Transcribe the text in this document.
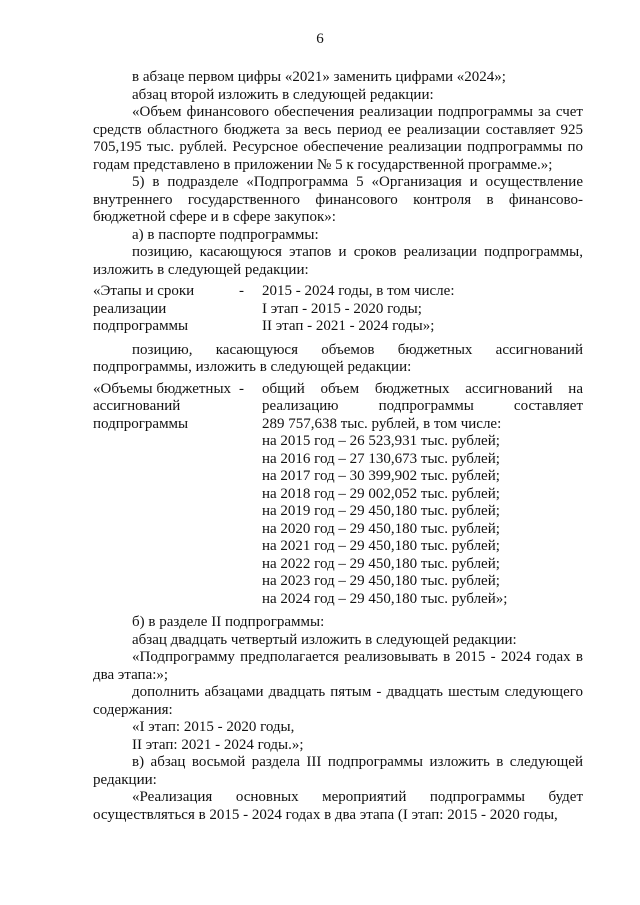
6

в абзаце первом цифры «2021» заменить цифрами «2024»;

абзац второй изложить в следующей редакции:

«Объем финансового обеспечения реализации подпрограммы за счет средств областного бюджета за весь период ее реализации составляет 925 705,195 тыс. рублей. Ресурсное обеспечение реализации подпрограммы по годам представлено в приложении № 5 к государственной программе.»;

5) в подразделе «Подпрограмма 5 «Организация и осуществление внутреннего государственного финансового контроля в финансово-бюджетной сфере и в сфере закупок»:

а) в паспорте подпрограммы:

позицию, касающуюся этапов и сроков реализации подпрограммы, изложить в следующей редакции:

«Этапы и сроки
реализации
подпрограммы
-	2015 - 2024 годы, в том числе:
I этап - 2015 - 2020 годы;
II этап - 2021 - 2024 годы»;

позицию, касающуюся объемов бюджетных ассигнований подпрограммы, изложить в следующей редакции:

«Объемы бюджетных
ассигнований
подпрограммы
-	общий объем бюджетных ассигнований на реализацию подпрограммы составляет
289 757,638 тыс. рублей, в том числе:
на 2015 год – 26 523,931 тыс. рублей;
на 2016 год – 27 130,673 тыс. рублей;
на 2017 год – 30 399,902 тыс. рублей;
на 2018 год – 29 002,052 тыс. рублей;
на 2019 год – 29 450,180 тыс. рублей;
на 2020 год – 29 450,180 тыс. рублей;
на 2021 год – 29 450,180 тыс. рублей;
на 2022 год – 29 450,180 тыс. рублей;
на 2023 год – 29 450,180 тыс. рублей;
на 2024 год – 29 450,180 тыс. рублей»;

б) в разделе II подпрограммы:

абзац двадцать четвертый изложить в следующей редакции:

«Подпрограмму предполагается реализовывать в 2015 - 2024 годах в два этапа:»;

дополнить абзацами двадцать пятым - двадцать шестым следующего содержания:

«I этап: 2015 - 2020 годы,

II этап: 2021 - 2024 годы.»;

в) абзац восьмой раздела III подпрограммы изложить в следующей редакции:

«Реализация основных мероприятий подпрограммы будет осуществляться в 2015 - 2024 годах в два этапа (I этап: 2015 - 2020 годы,
